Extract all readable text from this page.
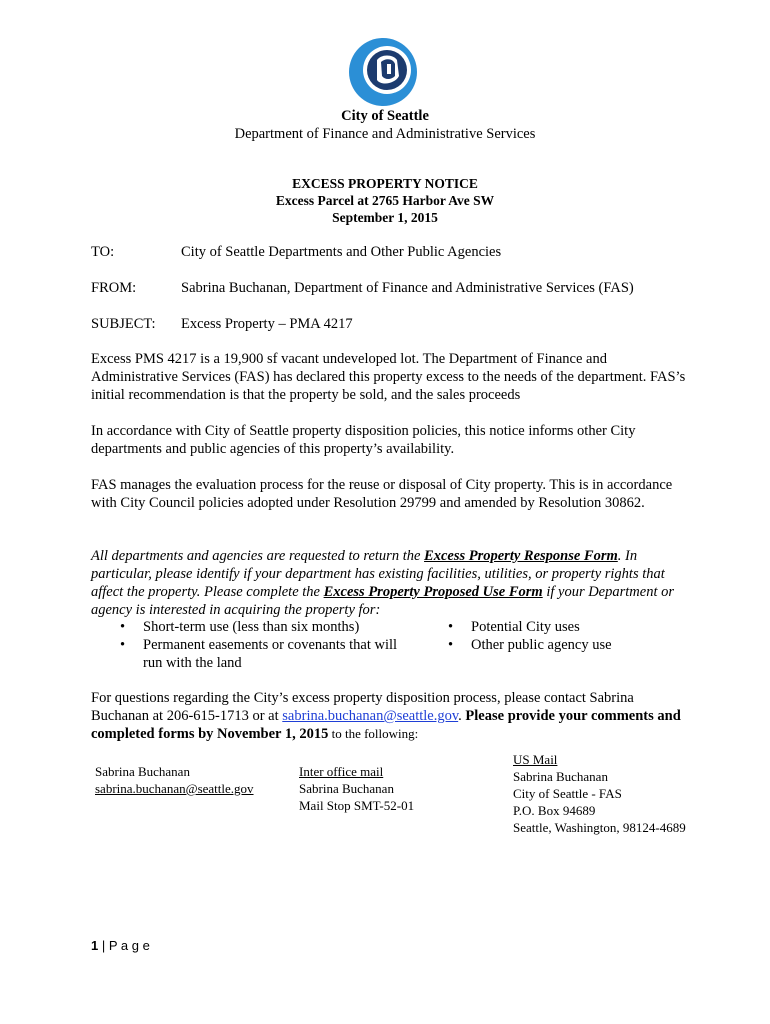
City of Seattle
Department of Finance and Administrative Services
EXCESS PROPERTY NOTICE
Excess Parcel at 2765 Harbor Ave SW
September 1, 2015
TO:	City of Seattle Departments and Other Public Agencies
FROM:	Sabrina Buchanan, Department of Finance and Administrative Services (FAS)
SUBJECT: Excess Property – PMA 4217

Excess PMS 4217 is a 19,900 sf vacant undeveloped lot. The Department of Finance and Administrative Services (FAS) has declared this property excess to the needs of the department. FAS’s initial recommendation is that the property be sold, and the sales proceeds

In accordance with City of Seattle property disposition policies, this notice informs other City departments and public agencies of this property’s availability.

FAS manages the evaluation process for the reuse or disposal of City property. This is in accordance with City Council policies adopted under Resolution 29799 and amended by Resolution 30862.

All departments and agencies are requested to return the Excess Property Response Form. In particular, please identify if your department has existing facilities, utilities, or property rights that affect the property. Please complete the Excess Property Proposed Use Form if your Department or agency is interested in acquiring the property for:

• Short-term use (less than six months)
• Permanent easements or covenants that will run with the land
• Potential City uses
• Other public agency use

For questions regarding the City’s excess property disposition process, please contact Sabrina Buchanan at 206-615-1713 or at sabrina.buchanan@seattle.gov. Please provide your comments and completed forms by November 1, 2015 to the following:

Sabrina Buchanan
sabrina.buchanan@seattle.gov
Inter office mail
Sabrina Buchanan
Mail Stop SMT-52-01
US Mail
Sabrina Buchanan
City of Seattle - FAS
P.O. Box 94689
Seattle, Washington, 98124-4689
1 | P a g e
